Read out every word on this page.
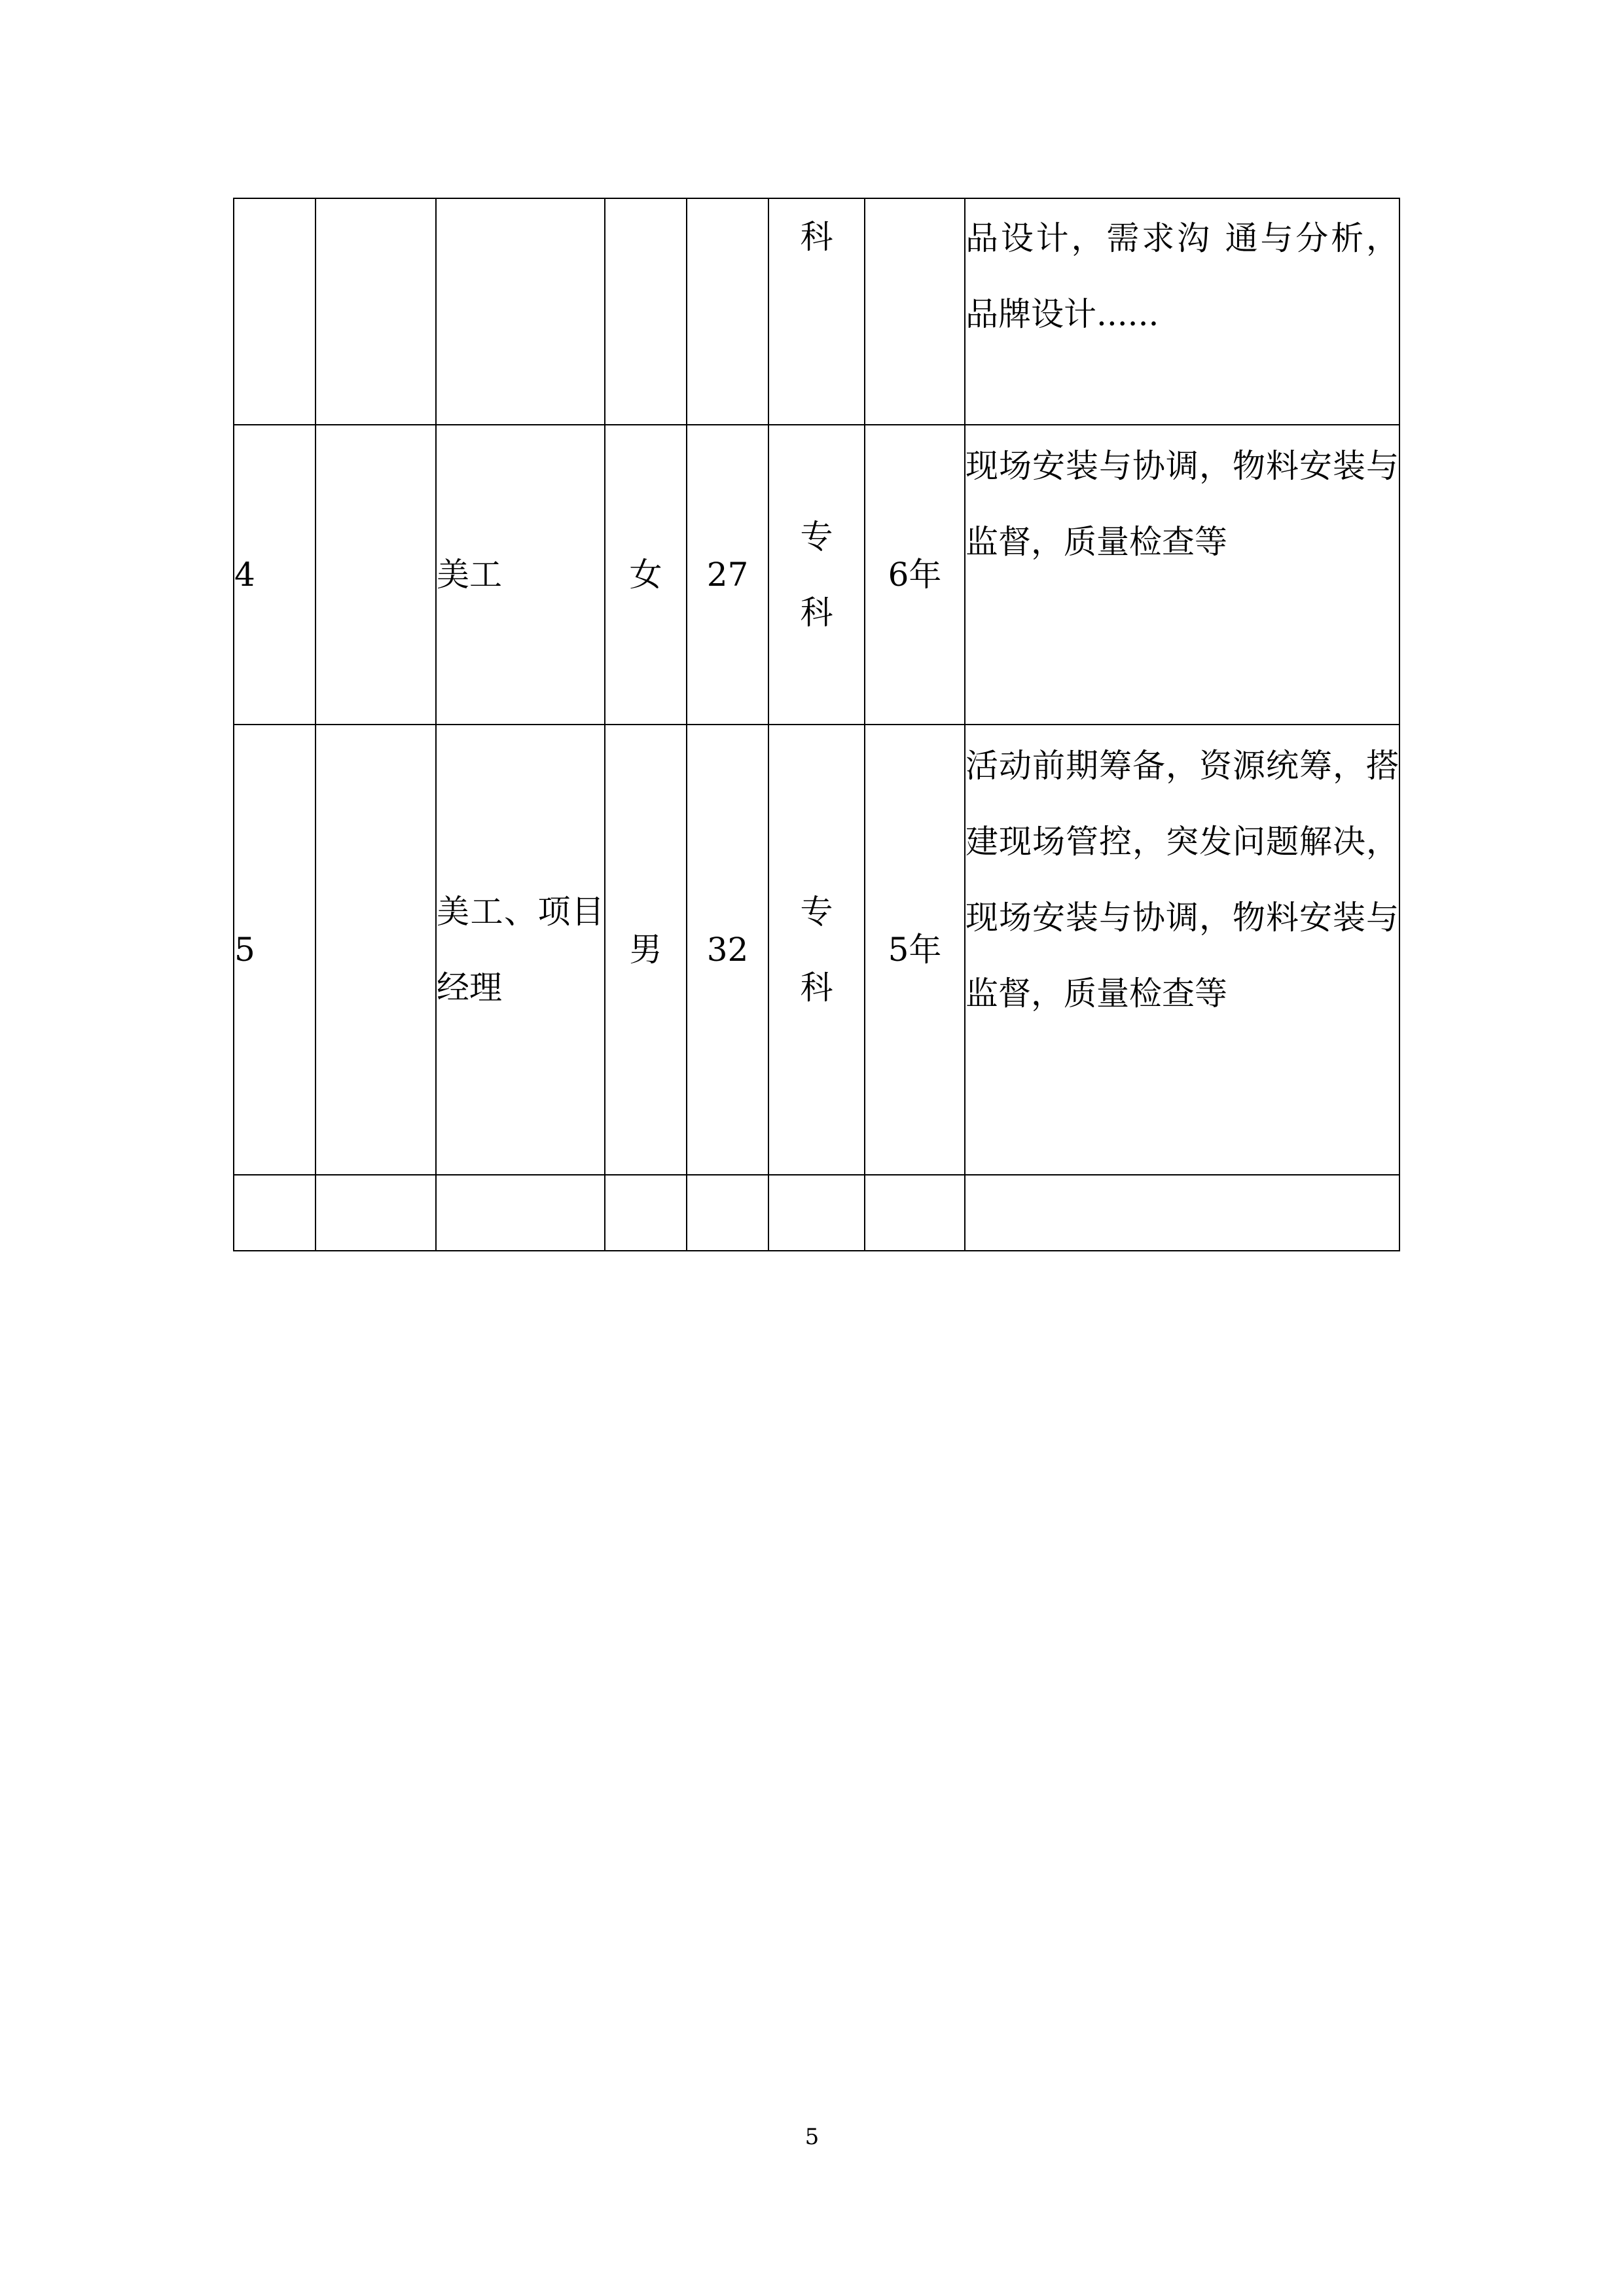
					科		品设计，需求沟 通与分析，品牌设计......

4		美工	女	27	专科	6年	现场安装与协调，物料安装与监督，质量检查等

5		美工、项目经理	男	32	专科	5年	活动前期筹备，资源统筹，搭建现场管控，突发问题解决，现场安装与协调，物料安装与监督，质量检查等

5
